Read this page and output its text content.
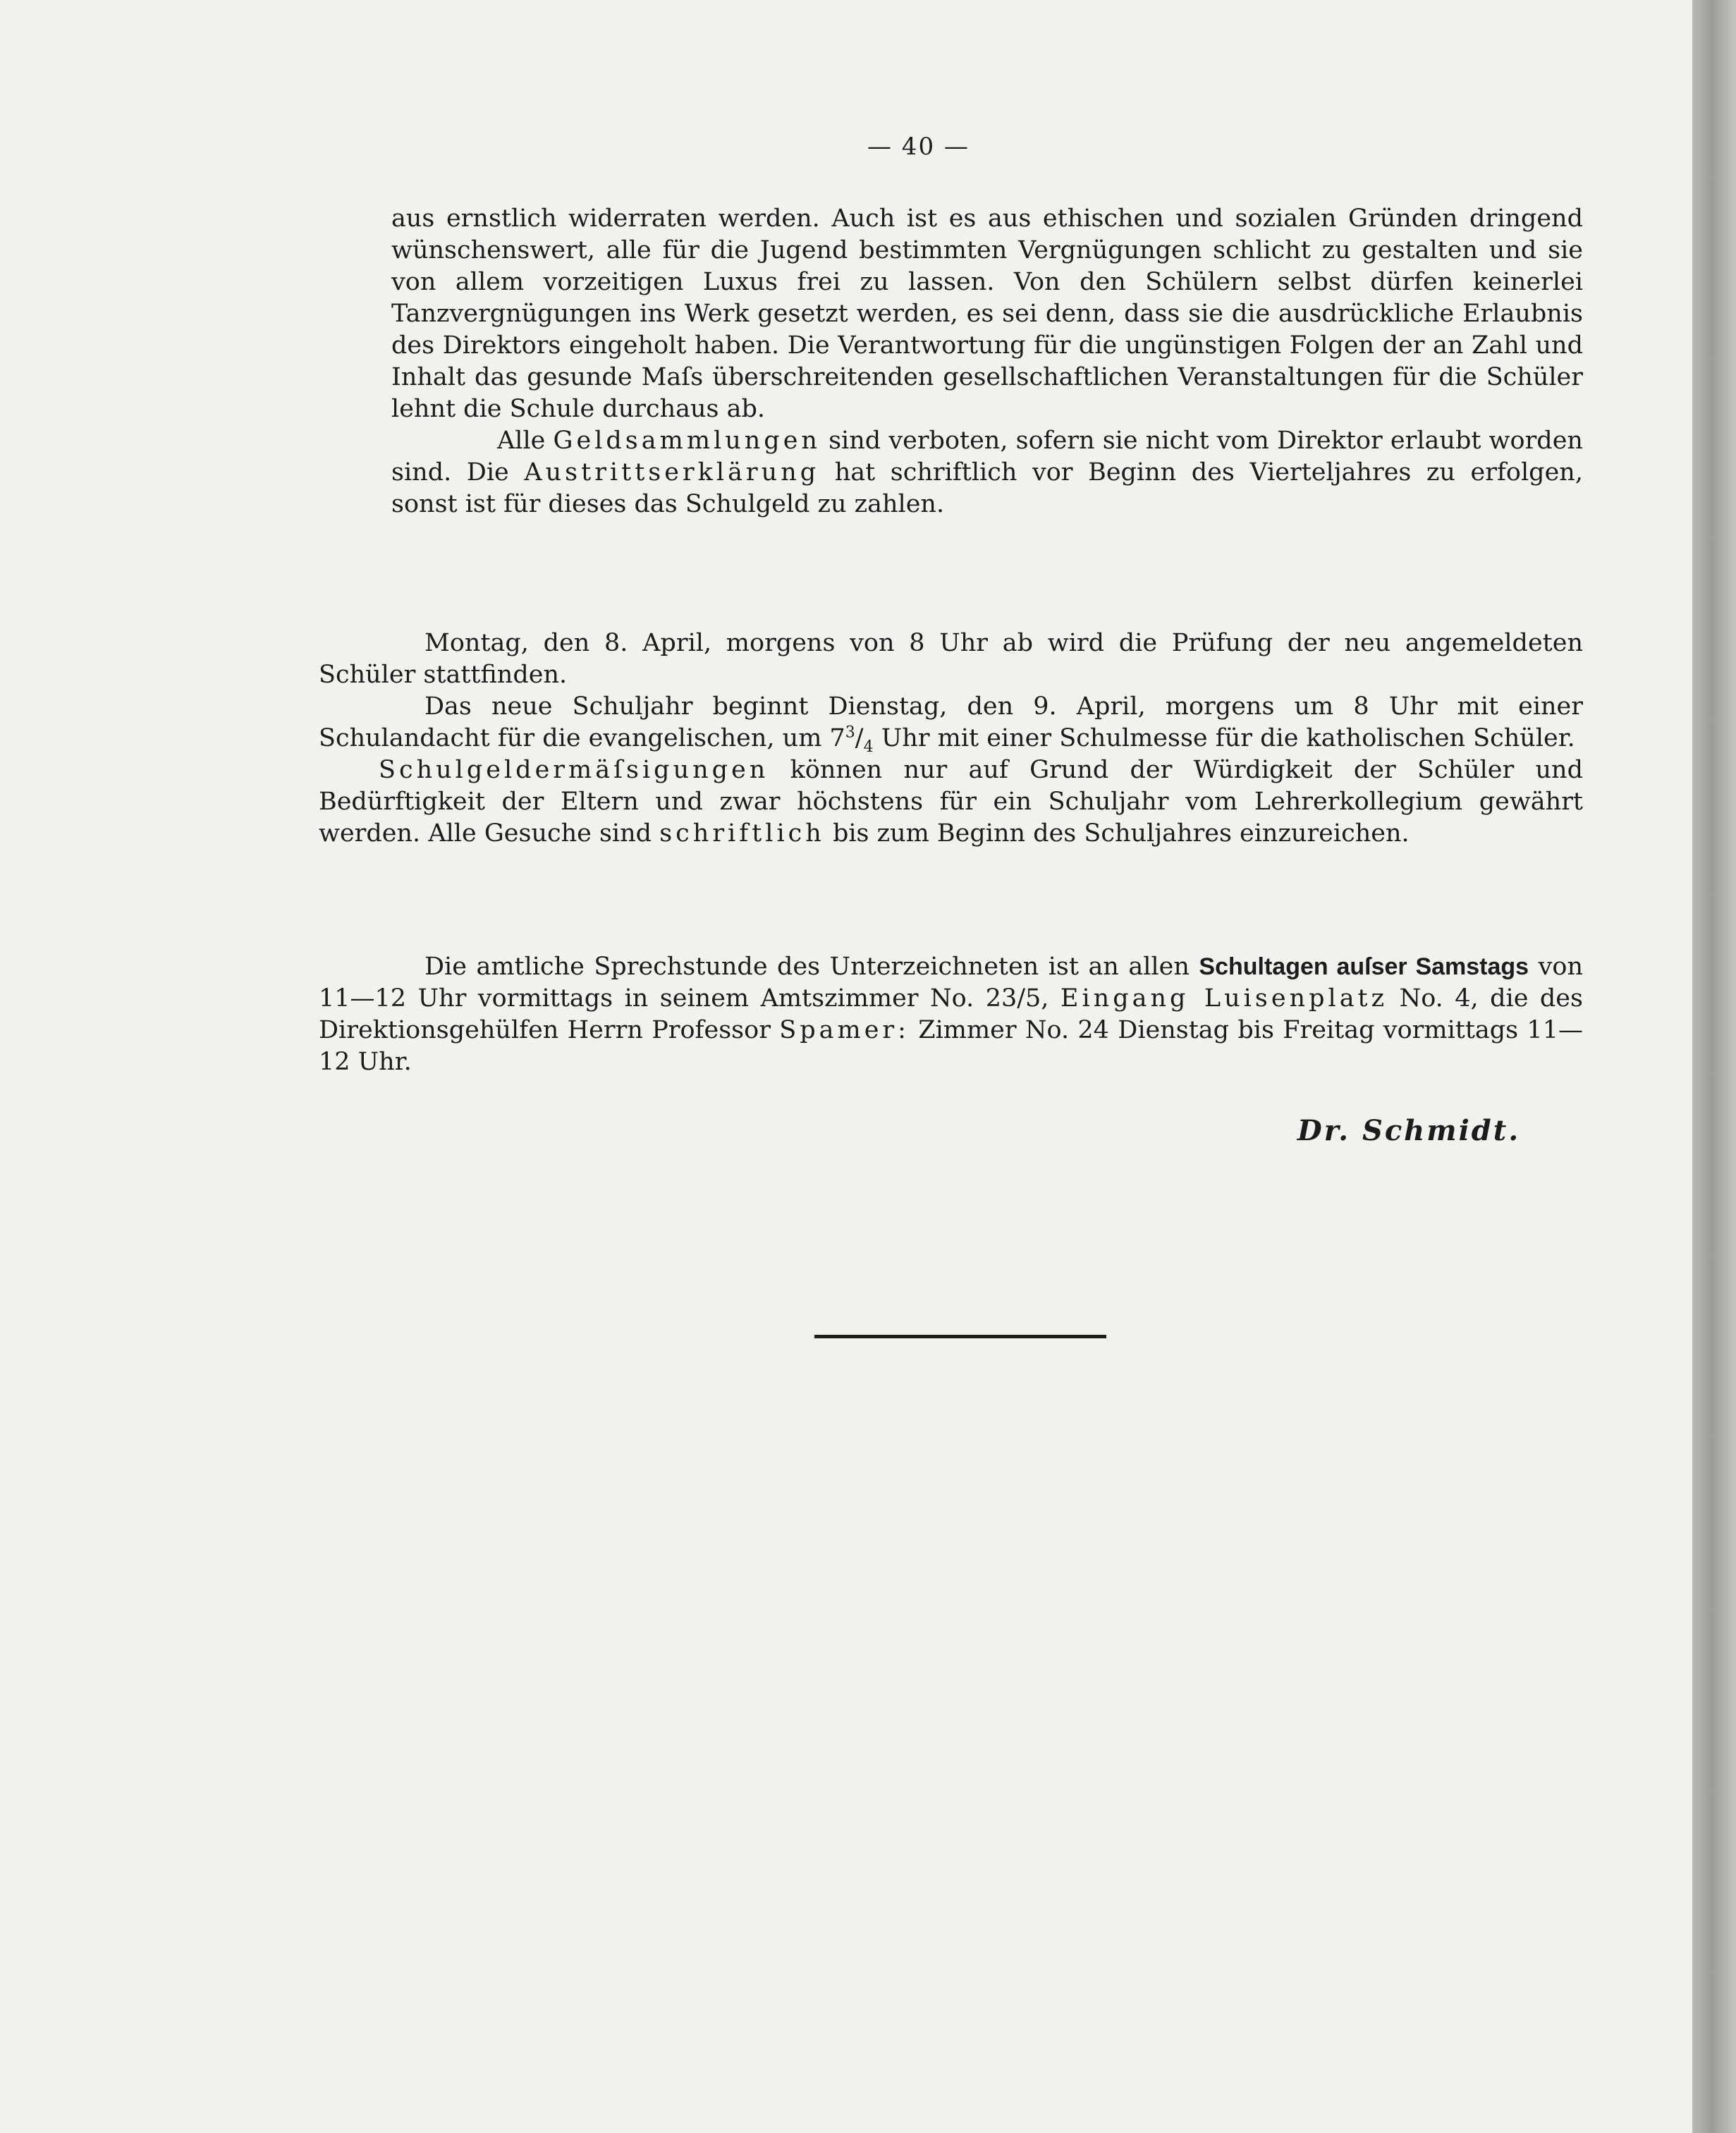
— 40 —

aus ernstlich widerraten werden. Auch ist es aus ethischen und sozialen Gründen dringend wünschenswert, alle für die Jugend bestimmten Vergnügungen schlicht zu gestalten und sie von allem vorzeitigen Luxus frei zu lassen. Von den Schülern selbst dürfen keinerlei Tanzvergnügungen ins Werk gesetzt werden, es sei denn, dass sie die ausdrückliche Erlaubnis des Direktors eingeholt haben. Die Verantwortung für die ungünstigen Folgen der an Zahl und Inhalt das gesunde Maſs überschreitenden gesellschaftlichen Veranstaltungen für die Schüler lehnt die Schule durchaus ab.

Alle Geldsammlungen sind verboten, sofern sie nicht vom Direktor erlaubt worden sind. Die Austrittserklärung hat schriftlich vor Beginn des Vierteljahres zu erfolgen, sonst ist für dieses das Schulgeld zu zahlen.

Montag, den 8. April, morgens von 8 Uhr ab wird die Prüfung der neu angemeldeten Schüler stattfinden.

Das neue Schuljahr beginnt Dienstag, den 9. April, morgens um 8 Uhr mit einer Schulandacht für die evangelischen, um $7^3/_4$ Uhr mit einer Schulmesse für die katholischen Schüler.

Schulgeldermäſsigungen können nur auf Grund der Würdigkeit der Schüler und Bedürftigkeit der Eltern und zwar höchstens für ein Schuljahr vom Lehrerkollegium gewährt werden. Alle Gesuche sind schriftlich bis zum Beginn des Schuljahres einzureichen.

Die amtliche Sprechstunde des Unterzeichneten ist an allen Schultagen auſser Samstags von 11—12 Uhr vormittags in seinem Amtszimmer No. 23/5, Eingang Luisenplatz No. 4, die des Direktionsgehülfen Herrn Professor Spamer: Zimmer No. 24 Dienstag bis Freitag vormittags 11—12 Uhr.

Dr. Schmidt.
